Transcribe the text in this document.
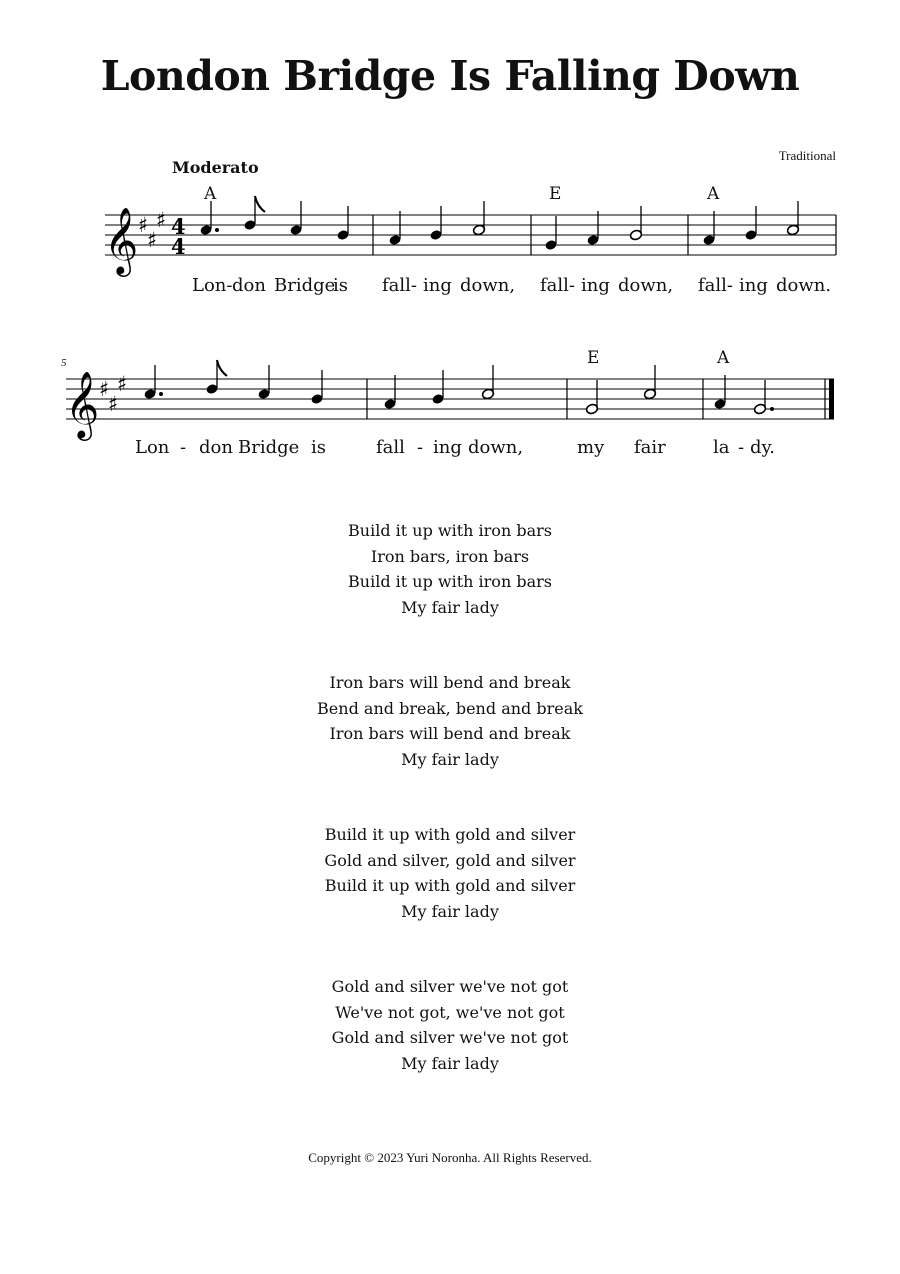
London Bridge Is Falling Down
Traditional
Moderato
A	E	A
𝄞 ♯
♯
♯ 4
4
Lon- don Bridge
is fall- ing down, fall- ing down, fall- ing down.
5	E	A
𝄞 ♯
♯
♯
Lon - don Bridge is	fall - ing down,	my fair	la - dy.
Build it up with iron bars
Iron bars, iron bars
Build it up with iron bars
My fair lady
Iron bars will bend and break
Bend and break, bend and break
Iron bars will bend and break
My fair lady
Build it up with gold and silver
Gold and silver, gold and silver
Build it up with gold and silver
My fair lady
Gold and silver we've not got
We've not got, we've not got
Gold and silver we've not got
My fair lady
Copyright © 2023 Yuri Noronha. All Rights Reserved.
